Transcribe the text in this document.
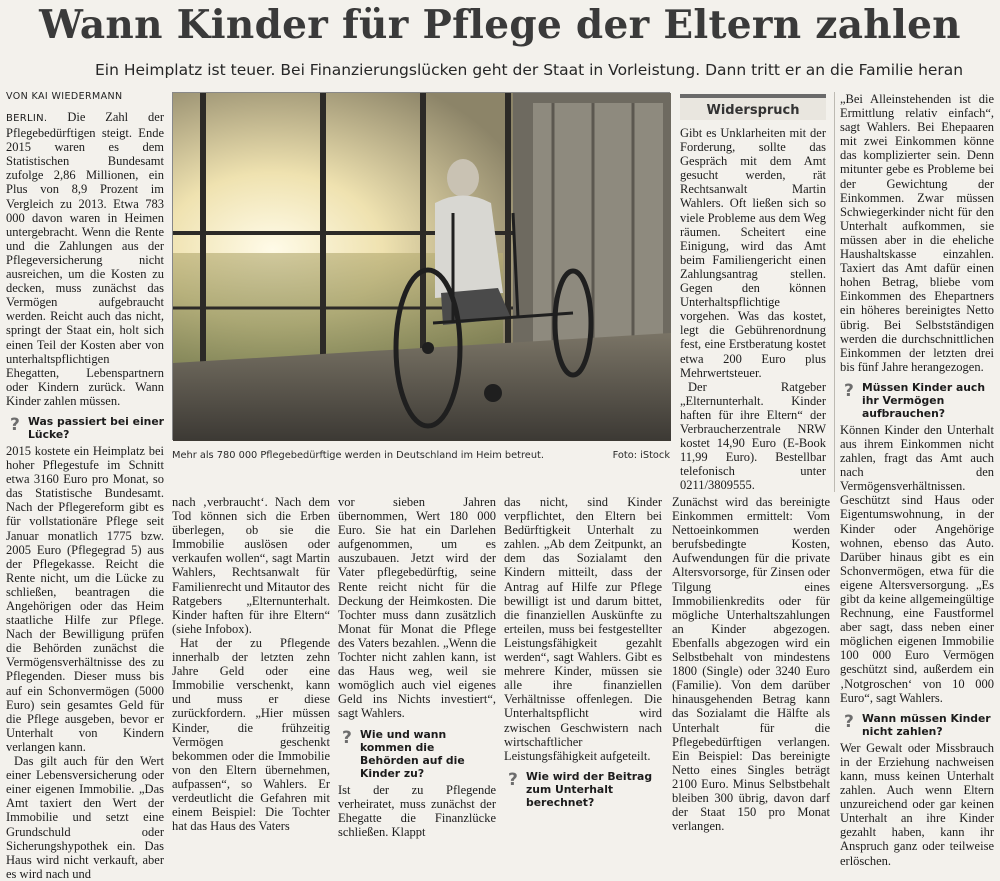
Wann Kinder für Pflege der Eltern zahlen
Ein Heimplatz ist teuer. Bei Finanzierungslücken geht der Staat in Vorleistung. Dann tritt er an die Familie heran
VON KAI WIEDERMANN

BERLIN. Die Zahl der Pflegebedürftigen steigt. Ende 2015 waren es dem Statistischen Bundesamt zufolge 2,86 Millionen, ein Plus von 8,9 Prozent im Vergleich zu 2013. Etwa 783 000 davon waren in Heimen untergebracht. Wenn die Rente und die Zahlungen aus der Pflegeversicherung nicht ausreichen, um die Kosten zu decken, muss zunächst das Vermögen aufgebraucht werden. Reicht auch das nicht, springt der Staat ein, holt sich einen Teil der Kosten aber von unterhaltspflichtigen Ehegatten, Lebenspartnern oder Kindern zurück. Wann Kinder zahlen müssen.

? Was passiert bei einer Lücke?

2015 kostete ein Heimplatz bei hoher Pflegestufe im Schnitt etwa 3160 Euro pro Monat, so das Statistische Bundesamt. Nach der Pflegereform gibt es für vollstationäre Pflege seit Januar monatlich 1775 bzw. 2005 Euro (Pflegegrad 5) aus der Pflegekasse. Reicht die Rente nicht, um die Lücke zu schließen, beantragen die Angehörigen oder das Heim staatliche Hilfe zur Pflege. Nach der Bewilligung prüfen die Behörden zunächst die Vermögensverhältnisse des zu Pflegenden. Dieser muss bis auf ein Schonvermögen (5000 Euro) sein gesamtes Geld für die Pflege ausgeben, bevor er Unterhalt von Kindern verlangen kann.

Das gilt auch für den Wert einer Lebensversicherung oder einer eigenen Immobilie. „Das Amt taxiert den Wert der Immobilie und setzt eine Grundschuld oder Sicherungshypothek ein. Das Haus wird nicht verkauft, aber es wird nach und

Mehr als 780 000 Pflegebedürftige werden in Deutschland im Heim betreut.	Foto: iStock

nach ‚verbraucht‘. Nach dem Tod können sich die Erben überlegen, ob sie die Immobilie auslösen oder verkaufen wollen“, sagt Martin Wahlers, Rechtsanwalt für Familienrecht und Mitautor des Ratgebers „Elternunterhalt. Kinder haften für ihre Eltern“ (siehe Infobox).

Hat der zu Pflegende innerhalb der letzten zehn Jahre Geld oder eine Immobilie verschenkt, kann und muss er diese zurückfordern. „Hier müssen Kinder, die frühzeitig Vermögen geschenkt bekommen oder die Immobilie von den Eltern übernehmen, aufpassen“, so Wahlers. Er verdeutlicht die Gefahren mit einem Beispiel: Die Tochter hat das Haus des Vaters

vor sieben Jahren übernommen, Wert 180 000 Euro. Sie hat ein Darlehen aufgenommen, um es auszubauen. Jetzt wird der Vater pflegebedürftig, seine Rente reicht nicht für die Deckung der Heimkosten. Die Tochter muss dann zusätzlich Monat für Monat die Pflege des Vaters bezahlen. „Wenn die Tochter nicht zahlen kann, ist das Haus weg, weil sie womöglich auch viel eigenes Geld ins Nichts investiert“, sagt Wahlers.

? Wie und wann kommen die Behörden auf die Kinder zu?

Ist der zu Pflegende verheiratet, muss zunächst der Ehegatte die Finanzlücke schließen. Klappt

das nicht, sind Kinder verpflichtet, den Eltern bei Bedürftigkeit Unterhalt zu zahlen. „Ab dem Zeitpunkt, an dem das Sozialamt den Kindern mitteilt, dass der Antrag auf Hilfe zur Pflege bewilligt ist und darum bittet, die finanziellen Auskünfte zu erteilen, muss bei festgestellter Leistungsfähigkeit gezahlt werden“, sagt Wahlers. Gibt es mehrere Kinder, müssen sie alle ihre finanziellen Verhältnisse offenlegen. Die Unterhaltspflicht wird zwischen Geschwistern nach wirtschaftlicher Leistungsfähigkeit aufgeteilt.

? Wie wird der Beitrag zum Unterhalt berechnet?
Widerspruch

Gibt es Unklarheiten mit der Forderung, sollte das Gespräch mit dem Amt gesucht werden, rät Rechtsanwalt Martin Wahlers. Oft ließen sich so viele Probleme aus dem Weg räumen. Scheitert eine Einigung, wird das Amt beim Familiengericht einen Zahlungsantrag stellen. Gegen den können Unterhaltspflichtige vorgehen. Was das kostet, legt die Gebührenordnung fest, eine Erstberatung kostet etwa 200 Euro plus Mehrwertsteuer.

Der Ratgeber „Elternunterhalt. Kinder haften für ihre Eltern“ der Verbraucherzentrale NRW kostet 14,90 Euro (E-Book 11,99 Euro). Bestellbar telefonisch unter 0211/3809555.

Zunächst wird das bereinigte Einkommen ermittelt: Vom Nettoeinkommen werden berufsbedingte Kosten, Aufwendungen für die private Altersvorsorge, für Zinsen oder Tilgung eines Immobilienkredits oder für mögliche Unterhaltszahlungen an Kinder abgezogen. Ebenfalls abgezogen wird ein Selbstbehalt von mindestens 1800 (Single) oder 3240 Euro (Familie). Von dem darüber hinausgehenden Betrag kann das Sozialamt die Hälfte als Unterhalt für die Pflegebedürftigen verlangen. Ein Beispiel: Das bereinigte Netto eines Singles beträgt 2100 Euro. Minus Selbstbehalt bleiben 300 übrig, davon darf der Staat 150 pro Monat verlangen.

„Bei Alleinstehenden ist die Ermittlung relativ einfach“, sagt Wahlers. Bei Ehepaaren mit zwei Einkommen könne das komplizierter sein. Denn mitunter gebe es Probleme bei der Gewichtung der Einkommen. Zwar müssen Schwiegerkinder nicht für den Unterhalt aufkommen, sie müssen aber in die eheliche Haushaltskasse einzahlen. Taxiert das Amt dafür einen hohen Betrag, bliebe vom Einkommen des Ehepartners ein höheres bereinigtes Netto übrig. Bei Selbstständigen werden die durchschnittlichen Einkommen der letzten drei bis fünf Jahre herangezogen.

? Müssen Kinder auch ihr Vermögen aufbrauchen?

Können Kinder den Unterhalt aus ihrem Einkommen nicht zahlen, fragt das Amt auch nach den Vermögensverhältnissen. Geschützt sind Haus oder Eigentumswohnung, in der Kinder oder Angehörige wohnen, ebenso das Auto. Darüber hinaus gibt es ein Schonvermögen, etwa für die eigene Altersversorgung. „Es gibt da keine allgemeingültige Rechnung, eine Faustformel aber sagt, dass neben einer möglichen eigenen Immobilie 100 000 Euro Vermögen geschützt sind, außerdem ein ‚Notgroschen‘ von 10 000 Euro“, sagt Wahlers.

? Wann müssen Kinder nicht zahlen?

Wer Gewalt oder Missbrauch in der Erziehung nachweisen kann, muss keinen Unterhalt zahlen. Auch wenn Eltern unzureichend oder gar keinen Unterhalt an ihre Kinder gezahlt haben, kann ihr Anspruch ganz oder teilweise erlöschen.
